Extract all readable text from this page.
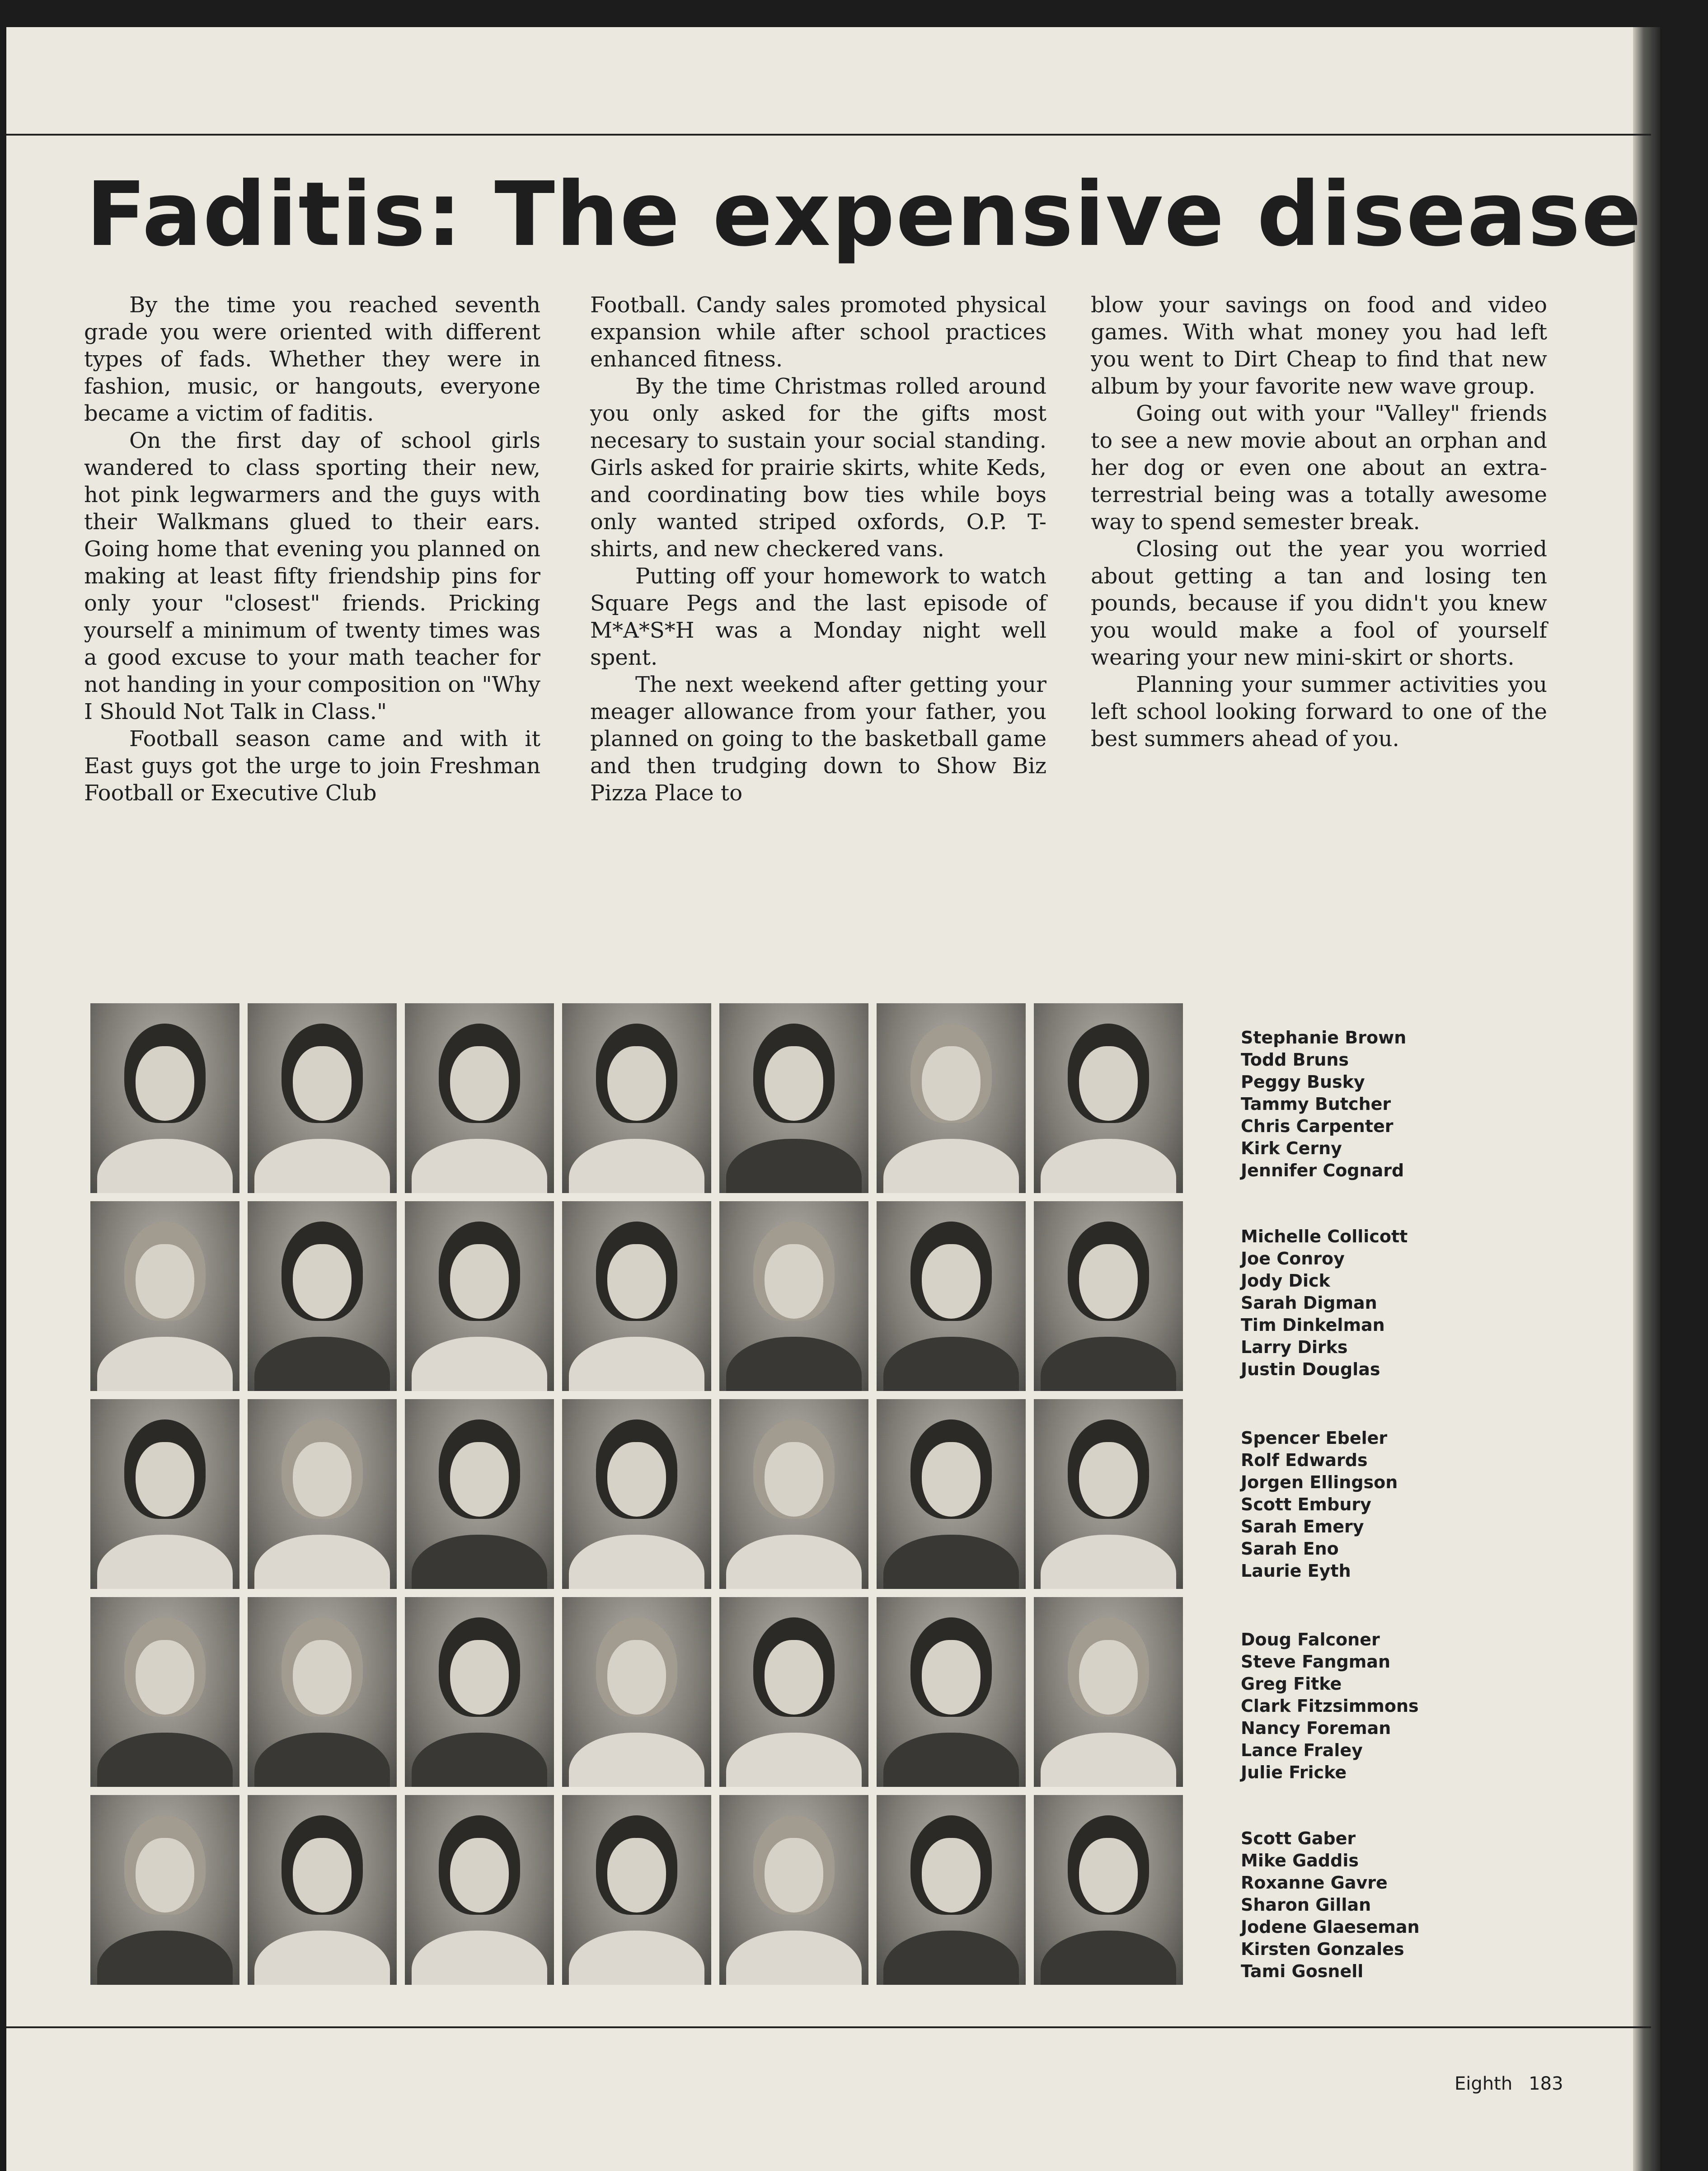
Faditis: The expensive disease

By the time you reached seventh grade you were oriented with different types of fads. Whether they were in fashion, music, or hangouts, everyone became a victim of faditis.

On the first day of school girls wandered to class sporting their new, hot pink legwarmers and the guys with their Walkmans glued to their ears. Going home that evening you planned on making at least fifty friendship pins for only your "closest" friends. Pricking yourself a minimum of twenty times was a good excuse to your math teacher for not handing in your composition on "Why I Should Not Talk in Class."

Football season came and with it East guys got the urge to join Freshman Football or Executive Club

Football. Candy sales promoted physical expansion while after school practices enhanced fitness.

By the time Christmas rolled around you only asked for the gifts most necesary to sustain your social standing. Girls asked for prairie skirts, white Keds, and coordinating bow ties while boys only wanted striped oxfords, O.P. T-shirts, and new checkered vans.

Putting off your homework to watch Square Pegs and the last episode of M*A*S*H was a Monday night well spent.

The next weekend after getting your meager allowance from your father, you planned on going to the basketball game and then trudging down to Show Biz Pizza Place to

blow your savings on food and video games. With what money you had left you went to Dirt Cheap to find that new album by your favorite new wave group.

Going out with your "Valley" friends to see a new movie about an orphan and her dog or even one about an extra-terrestrial being was a totally awesome way to spend semester break.

Closing out the year you worried about getting a tan and losing ten pounds, because if you didn't you knew you would make a fool of yourself wearing your new mini-skirt or shorts.

Planning your summer activities you left school looking forward to one of the best summers ahead of you.

Stephanie Brown
Todd Bruns
Peggy Busky
Tammy Butcher
Chris Carpenter
Kirk Cerny
Jennifer Cognard
Michelle Collicott
Joe Conroy
Jody Dick
Sarah Digman
Tim Dinkelman
Larry Dirks
Justin Douglas
Spencer Ebeler
Rolf Edwards
Jorgen Ellingson
Scott Embury
Sarah Emery
Sarah Eno
Laurie Eyth
Doug Falconer
Steve Fangman
Greg Fitke
Clark Fitzsimmons
Nancy Foreman
Lance Fraley
Julie Fricke
Scott Gaber
Mike Gaddis
Roxanne Gavre
Sharon Gillan
Jodene Glaeseman
Kirsten Gonzales
Tami Gosnell
Eighth 183
